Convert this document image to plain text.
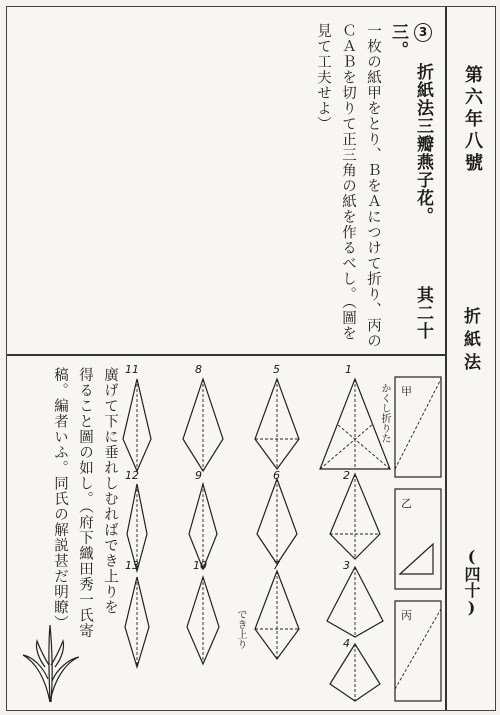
第六年八號
折紙法
(四十)
3 折紙法三瓣燕子花。 其二十三。
一枚の紙甲をとり、ＢをＡにつけて折り、丙のＣＡＢを切りて正三角の紙を作るべし。（圖を見て工夫せよ）
廣げて下に垂れしむればでき上りを
得ること圖の如し。（府下織田秀一氏寄
稿。編者いふ。同氏の解説甚だ明瞭）	1
5
8
11
2
6
9
12
3
7
10
13
4
甲
乙
丙
かくし折りた
でき上り
